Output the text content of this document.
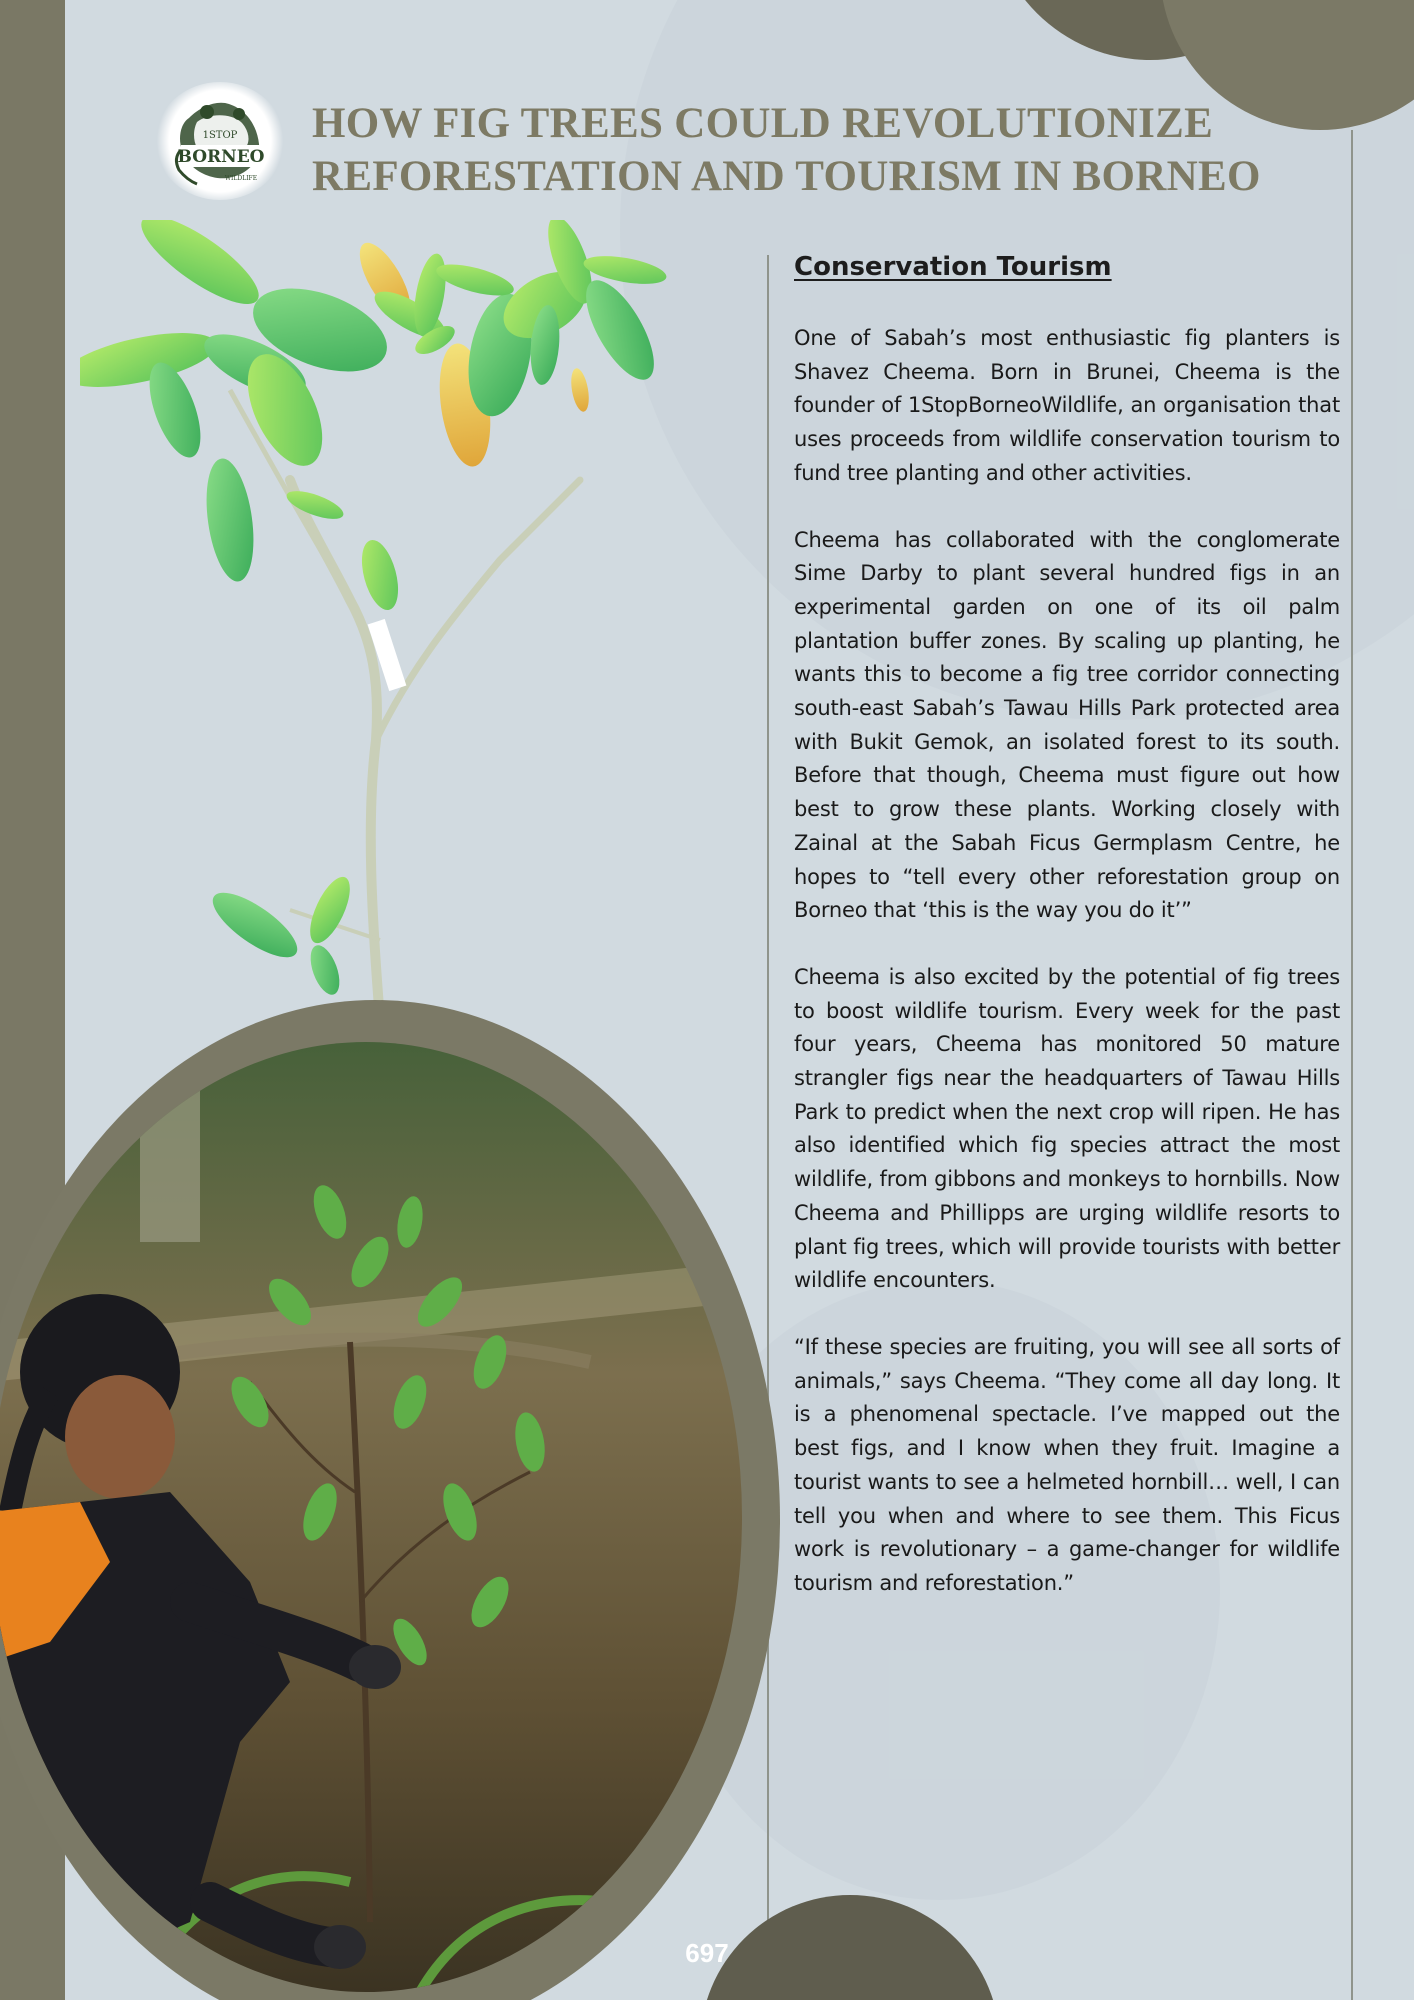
1STOP
BORNEO
WILDLIFE
HOW FIG TREES COULD REVOLUTIONIZE
REFORESTATION AND TOURISM IN BORNEO

697

Conservation Tourism

One of Sabah’s most enthusiastic fig planters is Shavez Cheema. Born in Brunei, Cheema is the founder of 1StopBorneoWildlife, an organisation that uses proceeds from wildlife conservation tourism to fund tree planting and other activities.

Cheema has collaborated with the conglomerate Sime Darby to plant several hundred figs in an experimental garden on one of its oil palm plantation buffer zones. By scaling up planting, he wants this to become a fig tree corridor connecting south-east Sabah’s Tawau Hills Park protected area with Bukit Gemok, an isolated forest to its south. Before that though, Cheema must figure out how best to grow these plants. Working closely with Zainal at the Sabah Ficus Germplasm Centre, he hopes to “tell every other reforestation group on Borneo that ‘this is the way you do it’”

Cheema is also excited by the potential of fig trees to boost wildlife tourism. Every week for the past four years, Cheema has monitored 50 mature strangler figs near the headquarters of Tawau Hills Park to predict when the next crop will ripen. He has also identified which fig species attract the most wildlife, from gibbons and monkeys to hornbills. Now Cheema and Phillipps are urging wildlife resorts to plant fig trees, which will provide tourists with better wildlife encounters.

“If these species are fruiting, you will see all sorts of animals,” says Cheema. “They come all day long. It is a phenomenal spectacle. I’ve mapped out the best figs, and I know when they fruit. Imagine a tourist wants to see a helmeted hornbill… well, I can tell you when and where to see them. This Ficus work is revolutionary – a game-changer for wildlife tourism and reforestation.”
